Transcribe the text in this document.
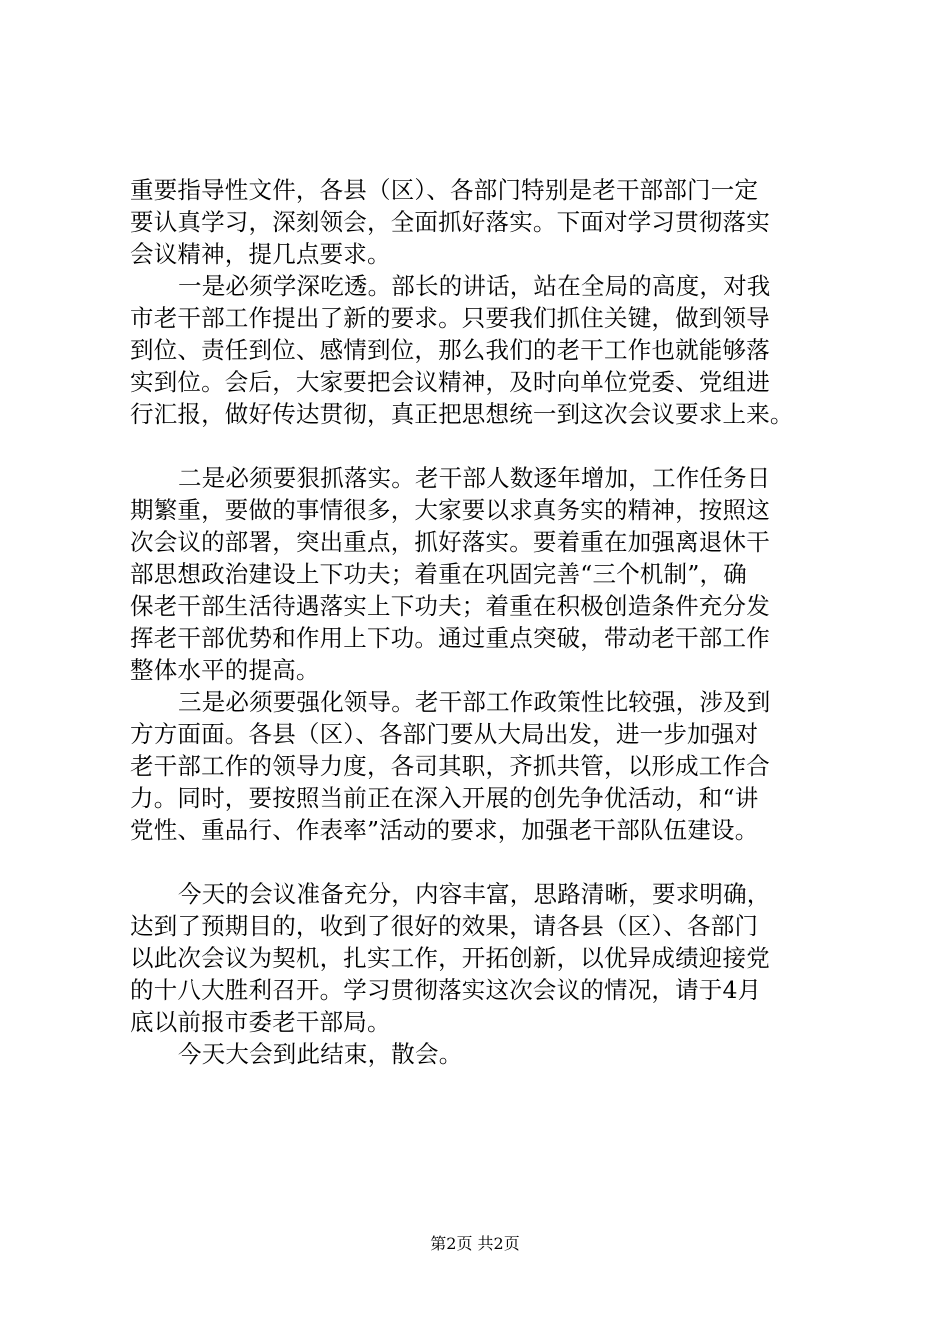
重要指导性文件，各县（区）、各部门特别是老干部部门一定
要认真学习，深刻领会，全面抓好落实。下面对学习贯彻落实
会议精神，提几点要求。
一是必须学深吃透。部长的讲话，站在全局的高度，对我
市老干部工作提出了新的要求。只要我们抓住关键，做到领导
到位、责任到位、感情到位，那么我们的老干工作也就能够落
实到位。会后，大家要把会议精神，及时向单位党委、党组进
行汇报，做好传达贯彻，真正把思想统一到这次会议要求上来。
二是必须要狠抓落实。老干部人数逐年增加，工作任务日
期繁重，要做的事情很多，大家要以求真务实的精神，按照这
次会议的部署，突出重点，抓好落实。要着重在加强离退休干
部思想政治建设上下功夫；着重在巩固完善“三个机制”，确
保老干部生活待遇落实上下功夫；着重在积极创造条件充分发
挥老干部优势和作用上下功。通过重点突破，带动老干部工作
整体水平的提高。
三是必须要强化领导。老干部工作政策性比较强，涉及到
方方面面。各县（区）、各部门要从大局出发，进一步加强对
老干部工作的领导力度，各司其职，齐抓共管，以形成工作合
力。同时，要按照当前正在深入开展的创先争优活动，和“讲
党性、重品行、作表率”活动的要求，加强老干部队伍建设。
今天的会议准备充分，内容丰富，思路清晰，要求明确，
达到了预期目的，收到了很好的效果，请各县（区）、各部门
以此次会议为契机，扎实工作，开拓创新，以优异成绩迎接党
的十八大胜利召开。学习贯彻落实这次会议的情况，请于4月
底以前报市委老干部局。
今天大会到此结束，散会。
第2页 共2页
